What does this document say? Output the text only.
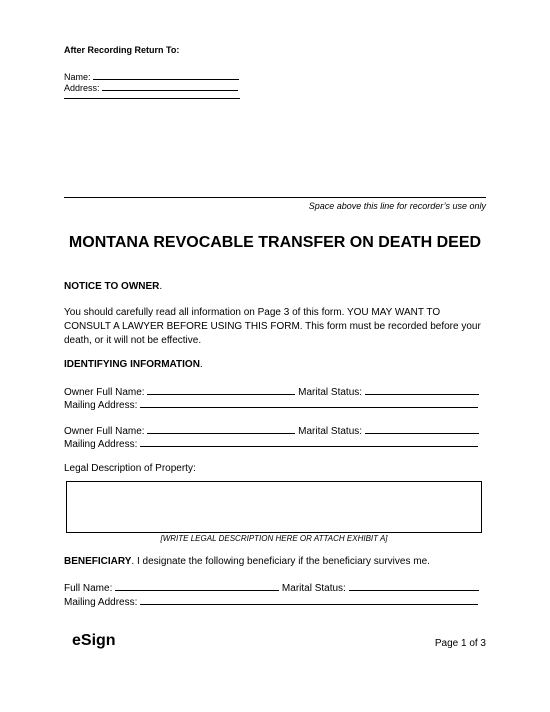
After Recording Return To:
Name:
Address:
Space above this line for recorder’s use only
MONTANA REVOCABLE TRANSFER ON DEATH DEED
NOTICE TO OWNER.
You should carefully read all information on Page 3 of this form. YOU MAY WANT TO CONSULT A LAWYER BEFORE USING THIS FORM. This form must be recorded before your death, or it will not be effective.
IDENTIFYING INFORMATION.
Owner Full Name:	Marital Status:
Mailing Address:
Owner Full Name:	Marital Status:
Mailing Address:
Legal Description of Property:
[WRITE LEGAL DESCRIPTION HERE OR ATTACH EXHIBIT A]
BENEFICIARY. I designate the following beneficiary if the beneficiary survives me.
Full Name:	Marital Status:
Mailing Address:
eSign	Page 1 of 3
